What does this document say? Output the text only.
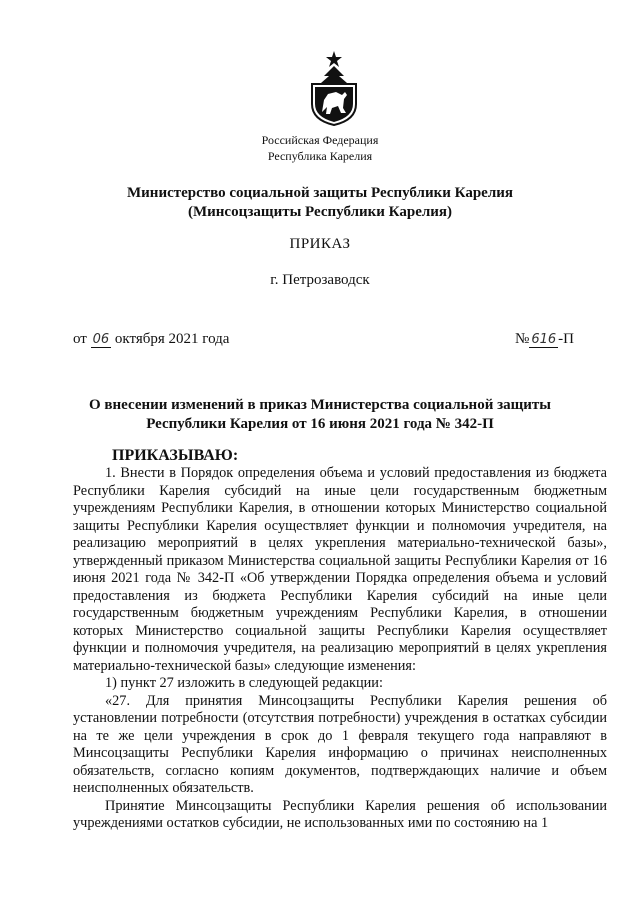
Российская Федерация
Республика Карелия
Министерство социальной защиты Республики Карелия
(Минсоцзащиты Республики Карелия)
ПРИКАЗ
г. Петрозаводск
от 06 октября 2021 года	№ 616 -П
О внесении изменений в приказ Министерства социальной защиты
Республики Карелия от 16 июня 2021 года № 342-П
ПРИКАЗЫВАЮ:

1. Внести в Порядок определения объема и условий предоставления из бюджета Республики Карелия субсидий на иные цели государственным бюджетным учреждениям Республики Карелия, в отношении которых Министерство социальной защиты Республики Карелия осуществляет функции и полномочия учредителя, на реализацию мероприятий в целях укрепления материально-технической базы», утвержденный приказом Министерства социальной защиты Республики Карелия от 16 июня 2021 года № 342-П «Об утверждении Порядка определения объема и условий предоставления из бюджета Республики Карелия субсидий на иные цели государственным бюджетным учреждениям Республики Карелия, в отношении которых Министерство социальной защиты Республики Карелия осуществляет функции и полномочия учредителя, на реализацию мероприятий в целях укрепления материально-технической базы» следующие изменения:

1) пункт 27 изложить в следующей редакции:

«27. Для принятия Минсоцзащиты Республики Карелия решения об установлении потребности (отсутствия потребности) учреждения в остатках субсидии на те же цели учреждения в срок до 1 февраля текущего года направляют в Минсоцзащиты Республики Карелия информацию о причинах неисполненных обязательств, согласно копиям документов, подтверждающих наличие и объем неисполненных обязательств.

Принятие Минсоцзащиты Республики Карелия решения об использовании учреждениями остатков субсидии, не использованных ими по состоянию на 1
